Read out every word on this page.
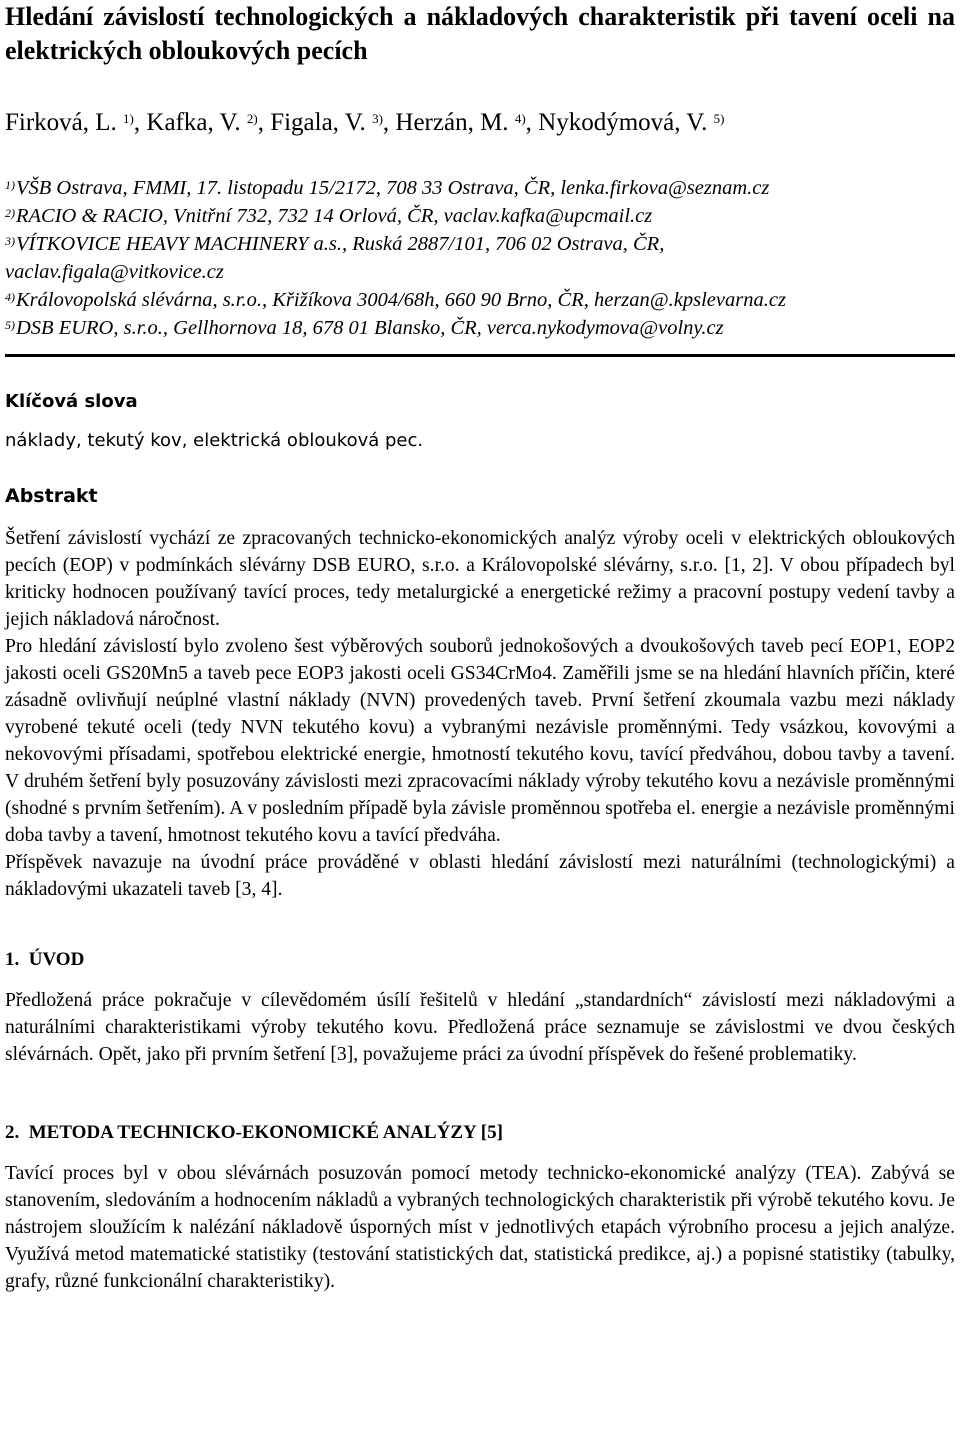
Hledání závislostí technologických a nákladových charakteristik při tavení oceli na elektrických obloukových pecích
Firková, L. $^{1)}$, Kafka, V. $^{2)}$, Figala, V. $^{3)}$, Herzán, M. $^{4)}$, Nykodýmová, V. $^{5)}$
$^{1)}$VŠB Ostrava, FMMI, 17. listopadu 15/2172, 708 33 Ostrava, ČR, lenka.firkova@seznam.cz
$^{2)}$RACIO & RACIO, Vnitřní 732, 732 14 Orlová, ČR, vaclav.kafka@upcmail.cz
$^{3)}$VÍTKOVICE HEAVY MACHINERY a.s., Ruská 2887/101, 706 02 Ostrava, ČR,
vaclav.figala@vitkovice.cz
$^{4)}$Královopolská slévárna, s.r.o., Křižíkova 3004/68h, 660 90 Brno, ČR, herzan@.kpslevarna.cz
$^{5)}$DSB EURO, s.r.o., Gellhornova 18, 678 01 Blansko, ČR, verca.nykodymova@volny.cz
Klíčová slova
náklady, tekutý kov, elektrická oblouková pec.
Abstrakt

Šetření závislostí vychází ze zpracovaných technicko-ekonomických analýz výroby oceli v elektrických obloukových pecích (EOP) v podmínkách slévárny DSB EURO, s.r.o. a Královopolské slévárny, s.r.o. [1, 2]. V obou případech byl kriticky hodnocen používaný tavící proces, tedy metalurgické a energetické režimy a pracovní postupy vedení tavby a jejich nákladová náročnost.

Pro hledání závislostí bylo zvoleno šest výběrových souborů jednokošových a dvoukošových taveb pecí EOP1, EOP2 jakosti oceli GS20Mn5 a taveb pece EOP3 jakosti oceli GS34CrMo4. Zaměřili jsme se na hledání hlavních příčin, které zásadně ovlivňují neúplné vlastní náklady (NVN) provedených taveb. První šetření zkoumala vazbu mezi náklady vyrobené tekuté oceli (tedy NVN tekutého kovu) a vybranými nezávisle proměnnými. Tedy vsázkou, kovovými a nekovovými přísadami, spotřebou elektrické energie, hmotností tekutého kovu, tavící předváhou, dobou tavby a tavení. V druhém šetření byly posuzovány závislosti mezi zpracovacími náklady výroby tekutého kovu a nezávisle proměnnými (shodné s prvním šetřením). A v posledním případě byla závisle proměnnou spotřeba el. energie a nezávisle proměnnými doba tavby a tavení, hmotnost tekutého kovu a tavící předváha.

Příspěvek navazuje na úvodní práce prováděné v oblasti hledání závislostí mezi naturálními (technologickými) a nákladovými ukazateli taveb [3, 4].

1. ÚVOD

Předložená práce pokračuje v cílevědomém úsílí řešitelů v hledání „standardních“ závislostí mezi nákladovými a naturálními charakteristikami výroby tekutého kovu. Předložená práce seznamuje se závislostmi ve dvou českých slévárnách. Opět, jako při prvním šetření [3], považujeme práci za úvodní příspěvek do řešené problematiky.

2. METODA TECHNICKO-EKONOMICKÉ ANALÝZY [5]

Tavící proces byl v obou slévárnách posuzován pomocí metody technicko-ekonomické analýzy (TEA). Zabývá se stanovením, sledováním a hodnocením nákladů a vybraných technologických charakteristik při výrobě tekutého kovu. Je nástrojem sloužícím k nalézání nákladově úsporných míst v jednotlivých etapách výrobního procesu a jejich analýze. Využívá metod matematické statistiky (testování statistických dat, statistická predikce, aj.) a popisné statistiky (tabulky, grafy, různé funkcionální charakteristiky).
